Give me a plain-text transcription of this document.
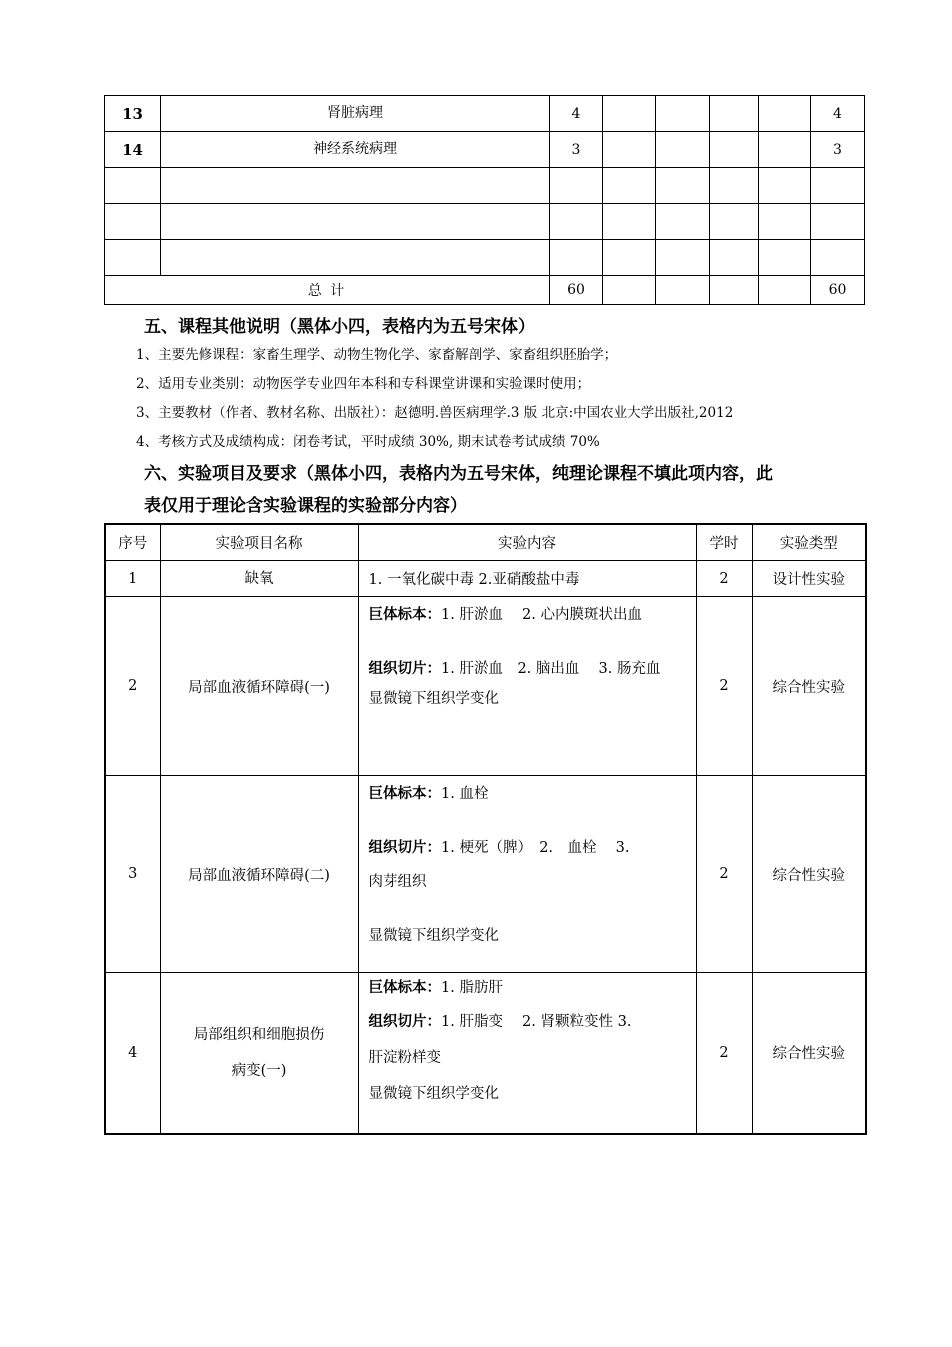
13	肾脏病理	4					4
14	神经系统病理	3					3

总 计		60					60
五、课程其他说明（黑体小四，表格内为五号宋体）
1、主要先修课程：家畜生理学、动物生物化学、家畜解剖学、家畜组织胚胎学；
2、适用专业类别：动物医学专业四年本科和专科课堂讲课和实验课时使用；
3、主要教材（作者、教材名称、出版社）：赵德明.兽医病理学.3 版 北京:中国农业大学出版社,2012
4、考核方式及成绩构成：闭卷考试，平时成绩 30%, 期末试卷考试成绩 70%
六、实验项目及要求（黑体小四，表格内为五号宋体，纯理论课程不填此项内容，此
表仅用于理论含实验课程的实验部分内容）
序号	实验项目名称	实验内容	学时	实验类型
1	缺氧	1. 一氧化碳中毒 2.亚硝酸盐中毒	2	设计性实验
2	局部血液循环障碍(一)	巨体标本：1. 肝淤血　 2. 心内膜斑状出血
组织切片：1. 肝淤血　2. 脑出血　 3. 肠充血
显微镜下组织学变化	2	综合性实验
3	局部血液循环障碍(二)	巨体标本：1. 血栓
组织切片：1. 梗死（脾）　2.　血栓　 3.
肉芽组织
显微镜下组织学变化	2	综合性实验
4	局部组织和细胞损伤
病变(一)	巨体标本：1. 脂肪肝
组织切片：1. 肝脂变　 2. 肾颗粒变性 3.
肝淀粉样变
显微镜下组织学变化	2	综合性实验
